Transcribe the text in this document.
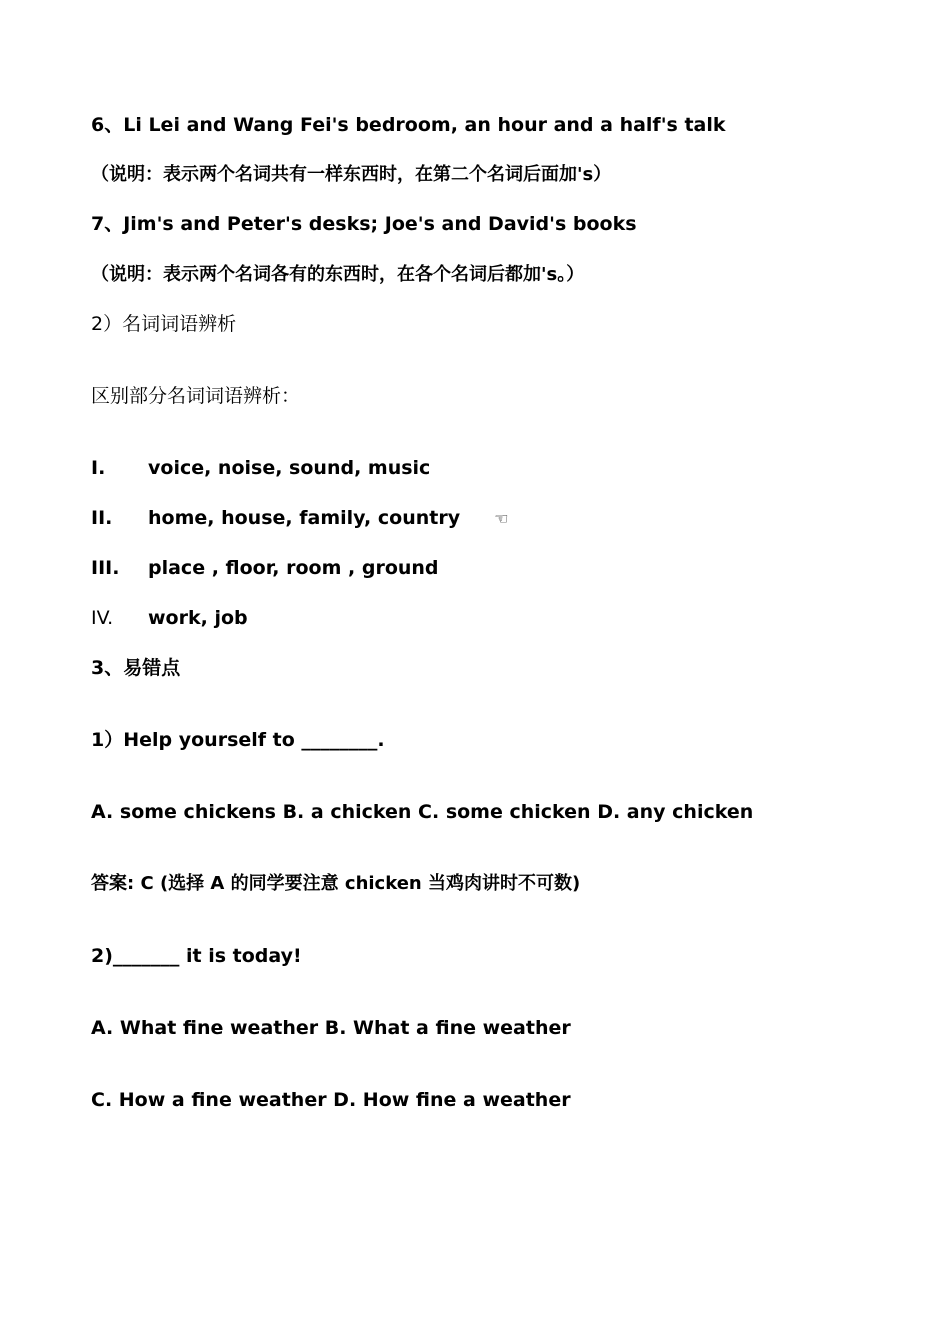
6、Li Lei and Wang Fei's bedroom, an hour and a half's talk
（说明：表示两个名词共有一样东西时，在第二个名词后面加's）
7、Jim's and Peter's desks; Joe's and David's books
（说明：表示两个名词各有的东西时，在各个名词后都加's。）
2）名词词语辨析
区别部分名词词语辨析：
I. voice, noise, sound, music
II. home, house, family, country ☜
III. place , floor, room , ground
IV. work, job
3、易错点
1）Help yourself to ________.
A. some chickens B. a chicken C. some chicken D. any chicken
答案: C (选择 A 的同学要注意 chicken 当鸡肉讲时不可数)
2)_______ it is today!
A. What fine weather B. What a fine weather
C. How a fine weather D. How fine a weather
